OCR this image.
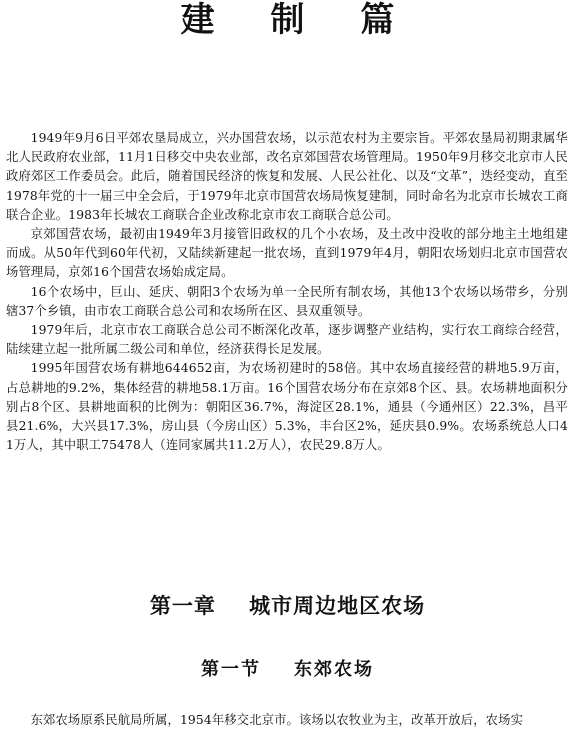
建 制 篇

1949年9月6日平郊农垦局成立，兴办国营农场，以示范农村为主要宗旨。平郊农垦局初期隶属华北人民政府农业部，11月1日移交中央农业部，改名京郊国营农场管理局。1950年9月移交北京市人民政府郊区工作委员会。此后，随着国民经济的恢复和发展、人民公社化、以及“文革”，迭经变动，直至1978年党的十一届三中全会后，于1979年北京市国营农场局恢复建制，同时命名为北京市长城农工商联合企业。1983年长城农工商联合企业改称北京市农工商联合总公司。

京郊国营农场，最初由1949年3月接管旧政权的几个小农场，及土改中没收的部分地主土地组建而成。从50年代到60年代初，又陆续新建起一批农场，直到1979年4月，朝阳农场划归北京市国营农场管理局，京郊16个国营农场始成定局。

16个农场中，巨山、延庆、朝阳3个农场为单一全民所有制农场，其他13个农场以场带乡，分别辖37个乡镇，由市农工商联合总公司和农场所在区、县双重领导。

1979年后，北京市农工商联合总公司不断深化改革，逐步调整产业结构，实行农工商综合经营，陆续建立起一批所属二级公司和单位，经济获得长足发展。

1995年国营农场有耕地644652亩，为农场初建时的58倍。其中农场直接经营的耕地5.9万亩，占总耕地的9.2%，集体经营的耕地58.1万亩。16个国营农场分布在京郊8个区、县。农场耕地面积分别占8个区、县耕地面积的比例为：朝阳区36.7%，海淀区28.1%，通县（今通州区）22.3%，昌平县21.6%，大兴县17.3%，房山县（今房山区）5.3%，丰台区2%，延庆县0.9%。农场系统总人口41万人，其中职工75478人（连同家属共11.2万人），农民29.8万人。

第一章    城市周边地区农场
第一节    东郊农场

东郊农场原系民航局所属，1954年移交北京市。该场以农牧业为主，改革开放后，农场实
